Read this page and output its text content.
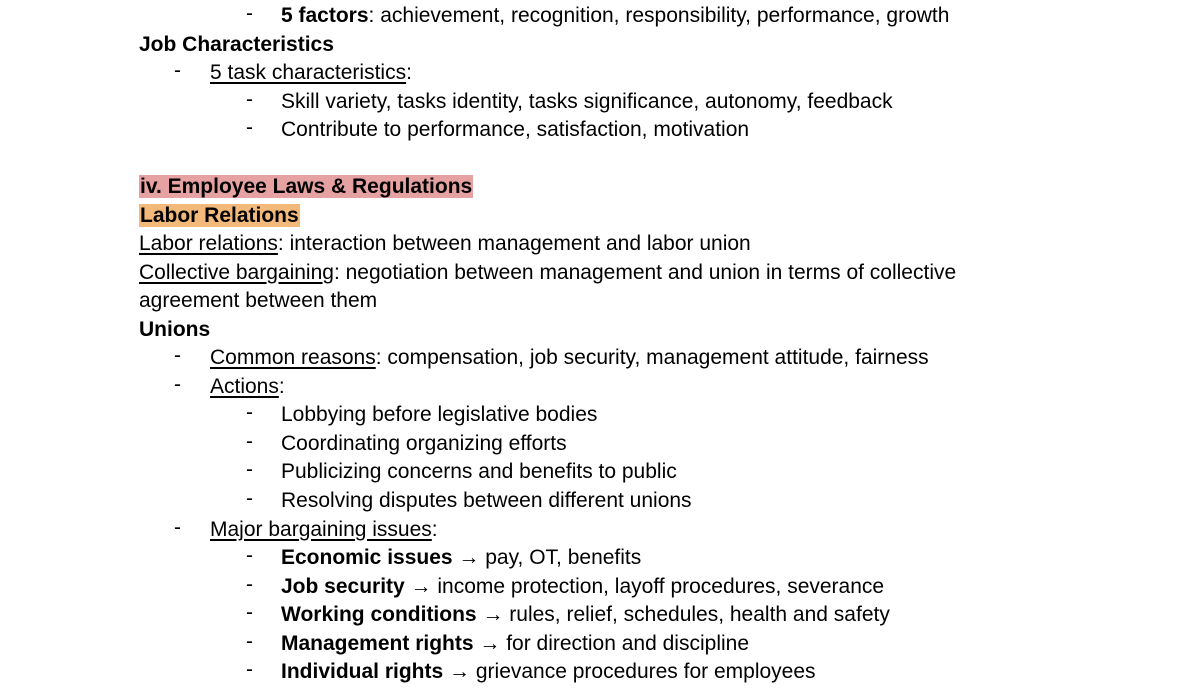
-	5 factors: achievement, recognition, responsibility, performance, growth
Job Characteristics
-	5 task characteristics:
-	Skill variety, tasks identity, tasks significance, autonomy, feedback
-	Contribute to performance, satisfaction, motivation
iv. Employee Laws & Regulations
Labor Relations
Labor relations: interaction between management and labor union
Collective bargaining: negotiation between management and union in terms of collective
agreement between them
Unions
-	Common reasons: compensation, job security, management attitude, fairness
-	Actions:
-	Lobbying before legislative bodies
-	Coordinating organizing efforts
-	Publicizing concerns and benefits to public
-	Resolving disputes between different unions
-	Major bargaining issues:
-	Economic issues → pay, OT, benefits
-	Job security → income protection, layoff procedures, severance
-	Working conditions → rules, relief, schedules, health and safety
-	Management rights → for direction and discipline
-	Individual rights → grievance procedures for employees
